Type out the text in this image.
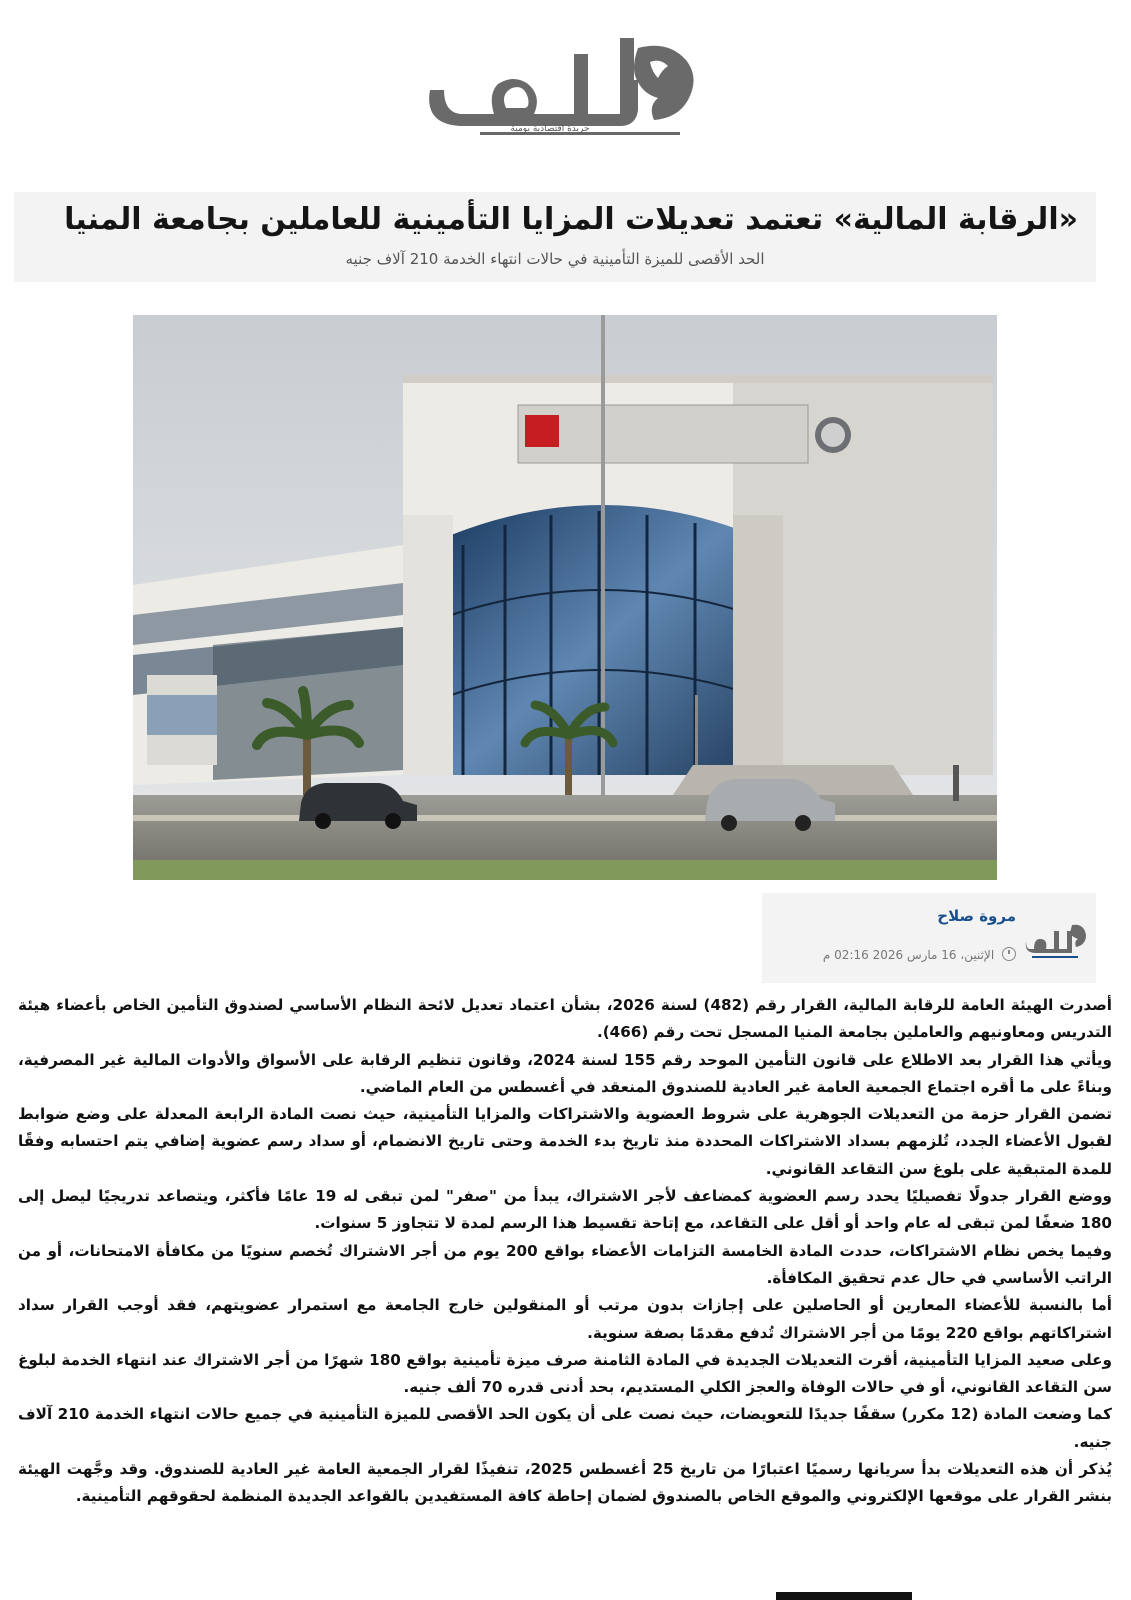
جريدة اقتصادية يومية
«الرقابة المالية» تعتمد تعديلات المزايا التأمينية للعاملين بجامعة المنيا

الحد الأقصى للميزة التأمينية في حالات انتهاء الخدمة 210 آلاف جنيه

مروة صلاح
الإثنين، 16 مارس 2026 02:16 م

أصدرت الهيئة العامة للرقابة المالية، القرار رقم (482) لسنة 2026، بشأن اعتماد تعديل لائحة النظام الأساسي لصندوق التأمين الخاص بأعضاء هيئة التدريس ومعاونيهم والعاملين بجامعة المنيا المسجل تحت رقم (466).

ويأتي هذا القرار بعد الاطلاع على قانون التأمين الموحد رقم 155 لسنة 2024، وقانون تنظيم الرقابة على الأسواق والأدوات المالية غير المصرفية، وبناءً على ما أقره اجتماع الجمعية العامة غير العادية للصندوق المنعقد في أغسطس من العام الماضي.

تضمن القرار حزمة من التعديلات الجوهرية على شروط العضوية والاشتراكات والمزايا التأمينية، حيث نصت المادة الرابعة المعدلة على وضع ضوابط لقبول الأعضاء الجدد، تُلزمهم بسداد الاشتراكات المحددة منذ تاريخ بدء الخدمة وحتى تاريخ الانضمام، أو سداد رسم عضوية إضافي يتم احتسابه وفقًا للمدة المتبقية على بلوغ سن التقاعد القانوني.

ووضع القرار جدولًا تفصيليًا يحدد رسم العضوية كمضاعف لأجر الاشتراك، يبدأ من "صفر" لمن تبقى له 19 عامًا فأكثر، ويتصاعد تدريجيًا ليصل إلى 180 ضعفًا لمن تبقى له عام واحد أو أقل على التقاعد، مع إتاحة تقسيط هذا الرسم لمدة لا تتجاوز 5 سنوات.

وفيما يخص نظام الاشتراكات، حددت المادة الخامسة التزامات الأعضاء بواقع 200 يوم من أجر الاشتراك تُخصم سنويًا من مكافأة الامتحانات، أو من الراتب الأساسي في حال عدم تحقيق المكافأة.

أما بالنسبة للأعضاء المعارين أو الحاصلين على إجازات بدون مرتب أو المنقولين خارج الجامعة مع استمرار عضويتهم، فقد أوجب القرار سداد اشتراكاتهم بواقع 220 يومًا من أجر الاشتراك تُدفع مقدمًا بصفة سنوية.

وعلى صعيد المزايا التأمينية، أقرت التعديلات الجديدة في المادة الثامنة صرف ميزة تأمينية بواقع 180 شهرًا من أجر الاشتراك عند انتهاء الخدمة لبلوغ سن التقاعد القانوني، أو في حالات الوفاة والعجز الكلي المستديم، بحد أدنى قدره 70 ألف جنيه.

كما وضعت المادة (12 مكرر) سقفًا جديدًا للتعويضات، حيث نصت على أن يكون الحد الأقصى للميزة التأمينية في جميع حالات انتهاء الخدمة 210 آلاف جنيه.

يُذكر أن هذه التعديلات بدأ سريانها رسميًا اعتبارًا من تاريخ 25 أغسطس 2025، تنفيذًا لقرار الجمعية العامة غير العادية للصندوق. وقد وجَّهت الهيئة بنشر القرار على موقعها الإلكتروني والموقع الخاص بالصندوق لضمان إحاطة كافة المستفيدين بالقواعد الجديدة المنظمة لحقوقهم التأمينية.
